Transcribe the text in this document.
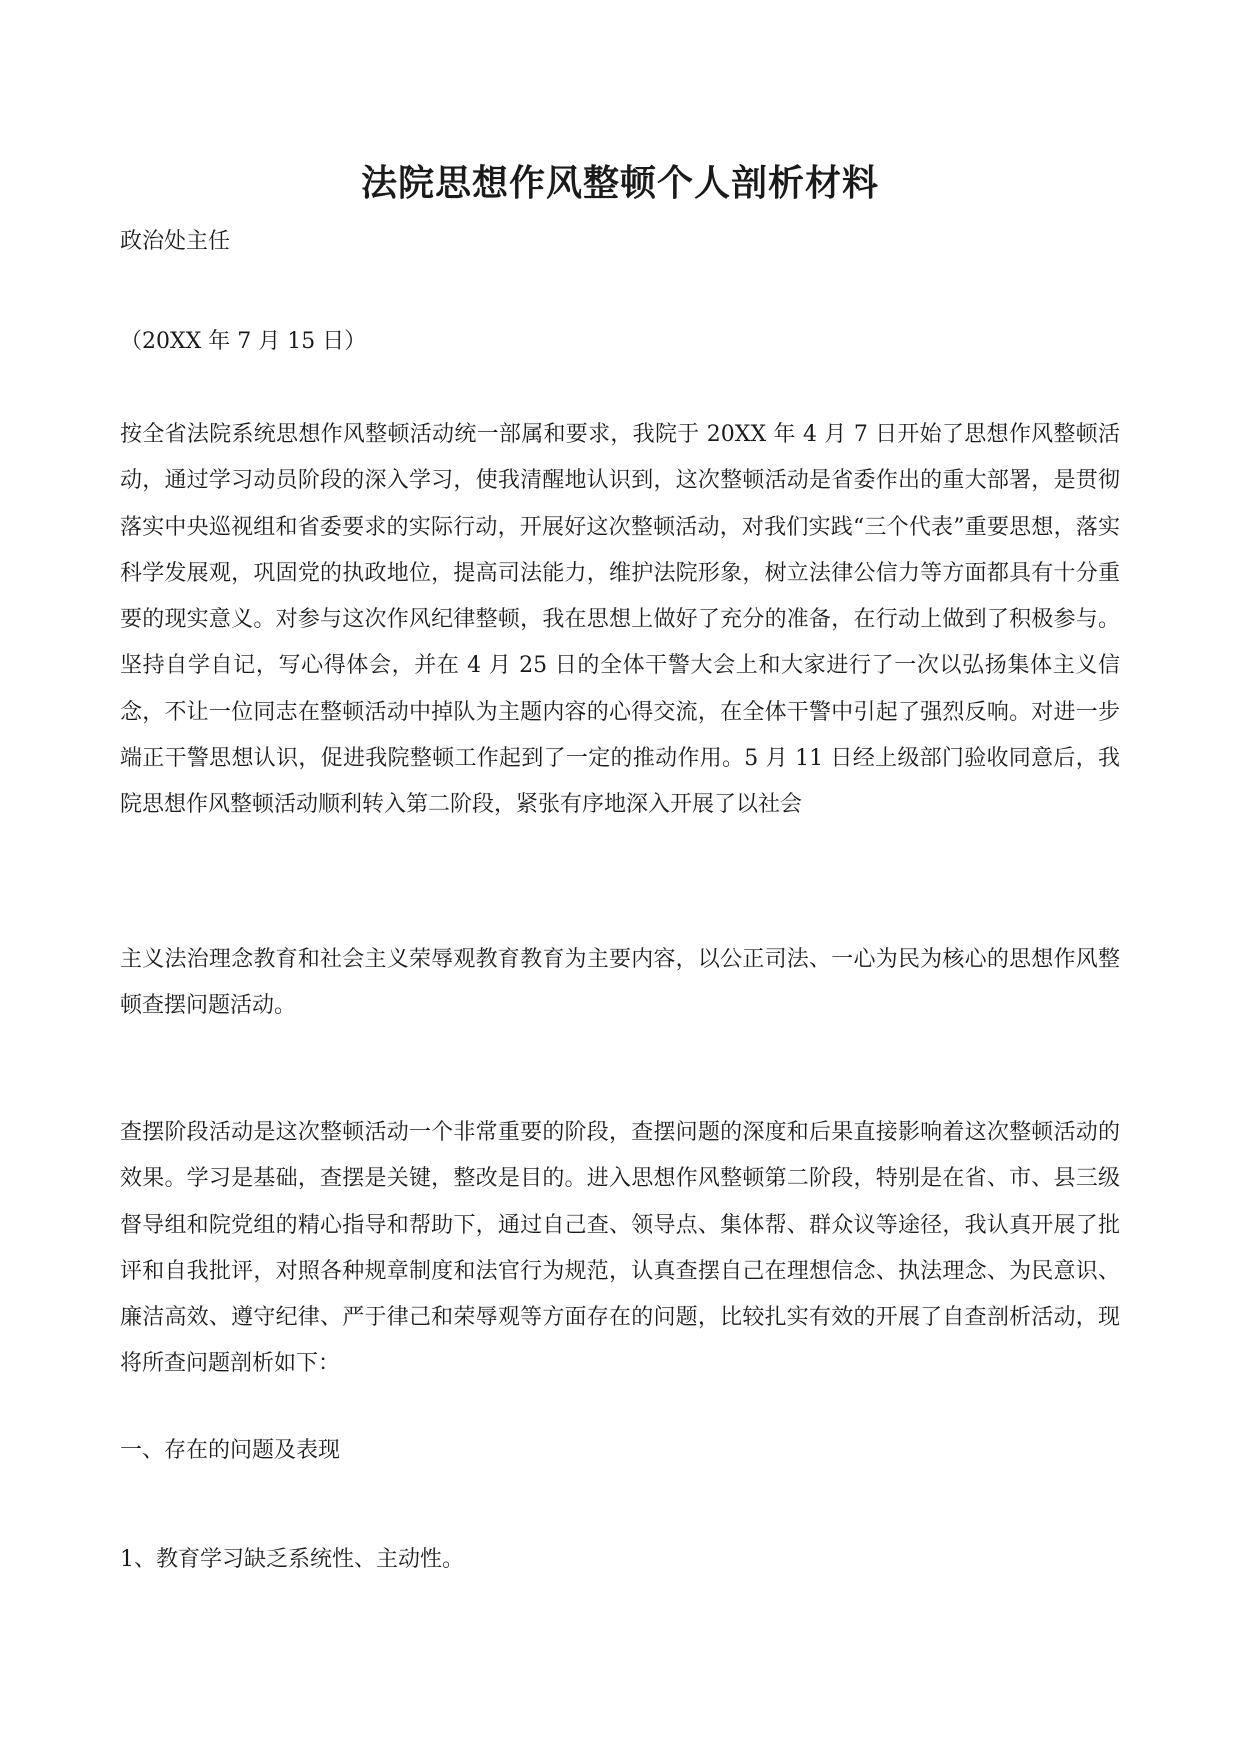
法院思想作风整顿个人剖析材料

政治处主任

（20XX 年 7 月 15 日）

按全省法院系统思想作风整顿活动统一部属和要求，我院于 20XX 年 4 月 7 日开始了思想作风整顿活动，通过学习动员阶段的深入学习，使我清醒地认识到，这次整顿活动是省委作出的重大部署，是贯彻落实中央巡视组和省委要求的实际行动，开展好这次整顿活动，对我们实践“三个代表”重要思想，落实科学发展观，巩固党的执政地位，提高司法能力，维护法院形象，树立法律公信力等方面都具有十分重要的现实意义。对参与这次作风纪律整顿，我在思想上做好了充分的准备，在行动上做到了积极参与。坚持自学自记，写心得体会，并在 4 月 25 日的全体干警大会上和大家进行了一次以弘扬集体主义信念，不让一位同志在整顿活动中掉队为主题内容的心得交流，在全体干警中引起了强烈反响。对进一步端正干警思想认识，促进我院整顿工作起到了一定的推动作用。5 月 11 日经上级部门验收同意后，我院思想作风整顿活动顺利转入第二阶段，紧张有序地深入开展了以社会

主义法治理念教育和社会主义荣辱观教育教育为主要内容，以公正司法、一心为民为核心的思想作风整顿查摆问题活动。

查摆阶段活动是这次整顿活动一个非常重要的阶段，查摆问题的深度和后果直接影响着这次整顿活动的效果。学习是基础，查摆是关键，整改是目的。进入思想作风整顿第二阶段，特别是在省、市、县三级督导组和院党组的精心指导和帮助下，通过自己查、领导点、集体帮、群众议等途径，我认真开展了批评和自我批评，对照各种规章制度和法官行为规范，认真查摆自己在理想信念、执法理念、为民意识、廉洁高效、遵守纪律、严于律己和荣辱观等方面存在的问题，比较扎实有效的开展了自查剖析活动，现将所查问题剖析如下：

一、存在的问题及表现

1、教育学习缺乏系统性、主动性。
